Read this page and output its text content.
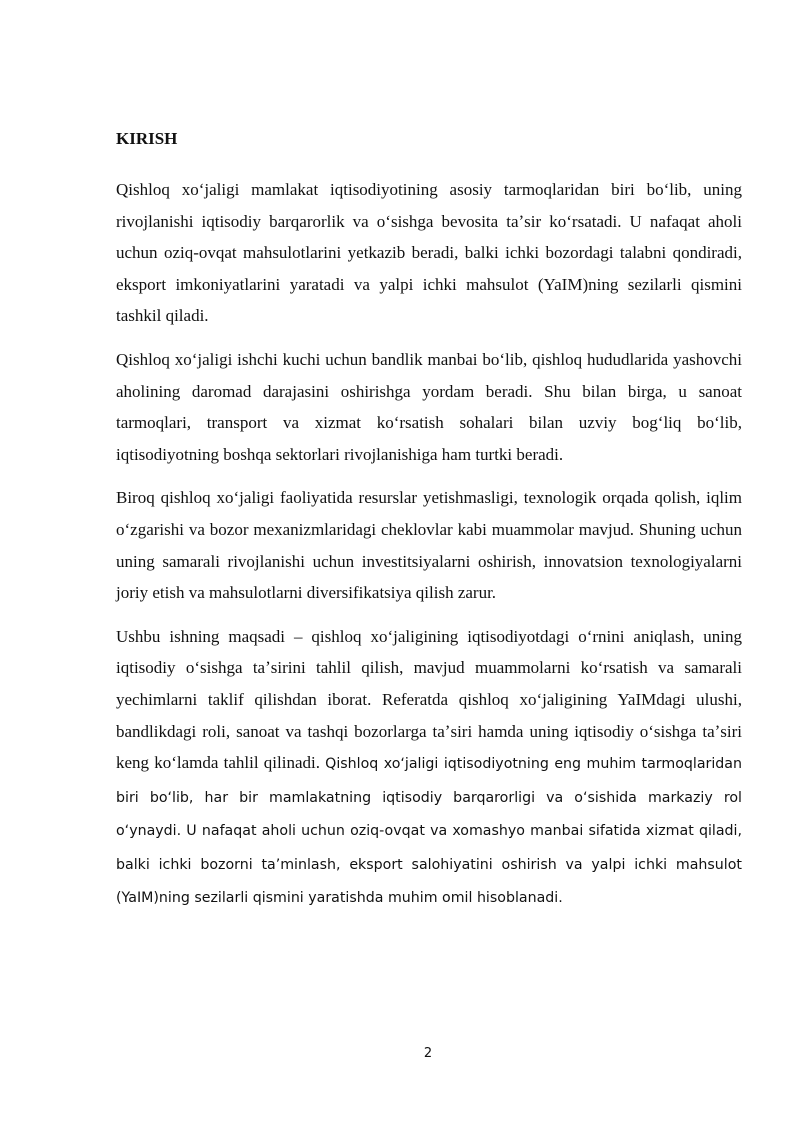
KIRISH

Qishloq xoʻjaligi mamlakat iqtisodiyotining asosiy tarmoqlaridan biri boʻlib, uning rivojlanishi iqtisodiy barqarorlik va oʻsishga bevosita taʼsir koʻrsatadi. U nafaqat aholi uchun oziq-ovqat mahsulotlarini yetkazib beradi, balki ichki bozordagi talabni qondiradi, eksport imkoniyatlarini yaratadi va yalpi ichki mahsulot (YaIM)ning sezilarli qismini tashkil qiladi.

Qishloq xoʻjaligi ishchi kuchi uchun bandlik manbai boʻlib, qishloq hududlarida yashovchi aholining daromad darajasini oshirishga yordam beradi. Shu bilan birga, u sanoat tarmoqlari, transport va xizmat koʻrsatish sohalari bilan uzviy bogʻliq boʻlib, iqtisodiyotning boshqa sektorlari rivojlanishiga ham turtki beradi.

Biroq qishloq xoʻjaligi faoliyatida resurslar yetishmasligi, texnologik orqada qolish, iqlim oʻzgarishi va bozor mexanizmlaridagi cheklovlar kabi muammolar mavjud. Shuning uchun uning samarali rivojlanishi uchun investitsiyalarni oshirish, innovatsion texnologiyalarni joriy etish va mahsulotlarni diversifikatsiya qilish zarur.

Ushbu ishning maqsadi – qishloq xoʻjaligining iqtisodiyotdagi oʻrnini aniqlash, uning iqtisodiy oʻsishga taʼsirini tahlil qilish, mavjud muammolarni koʻrsatish va samarali yechimlarni taklif qilishdan iborat. Referatda qishloq xoʻjaligining YaIMdagi ulushi, bandlikdagi roli, sanoat va tashqi bozorlarga taʼsiri hamda uning iqtisodiy oʻsishga taʼsiri keng koʻlamda tahlil qilinadi. Qishloq xo‘jaligi iqtisodiyotning eng muhim tarmoqlaridan biri bo‘lib, har bir mamlakatning iqtisodiy barqarorligi va o‘sishida markaziy rol o‘ynaydi. U nafaqat aholi uchun oziq-ovqat va xomashyo manbai sifatida xizmat qiladi, balki ichki bozorni ta’minlash, eksport salohiyatini oshirish va yalpi ichki mahsulot (YaIM)ning sezilarli qismini yaratishda muhim omil hisoblanadi.

2
